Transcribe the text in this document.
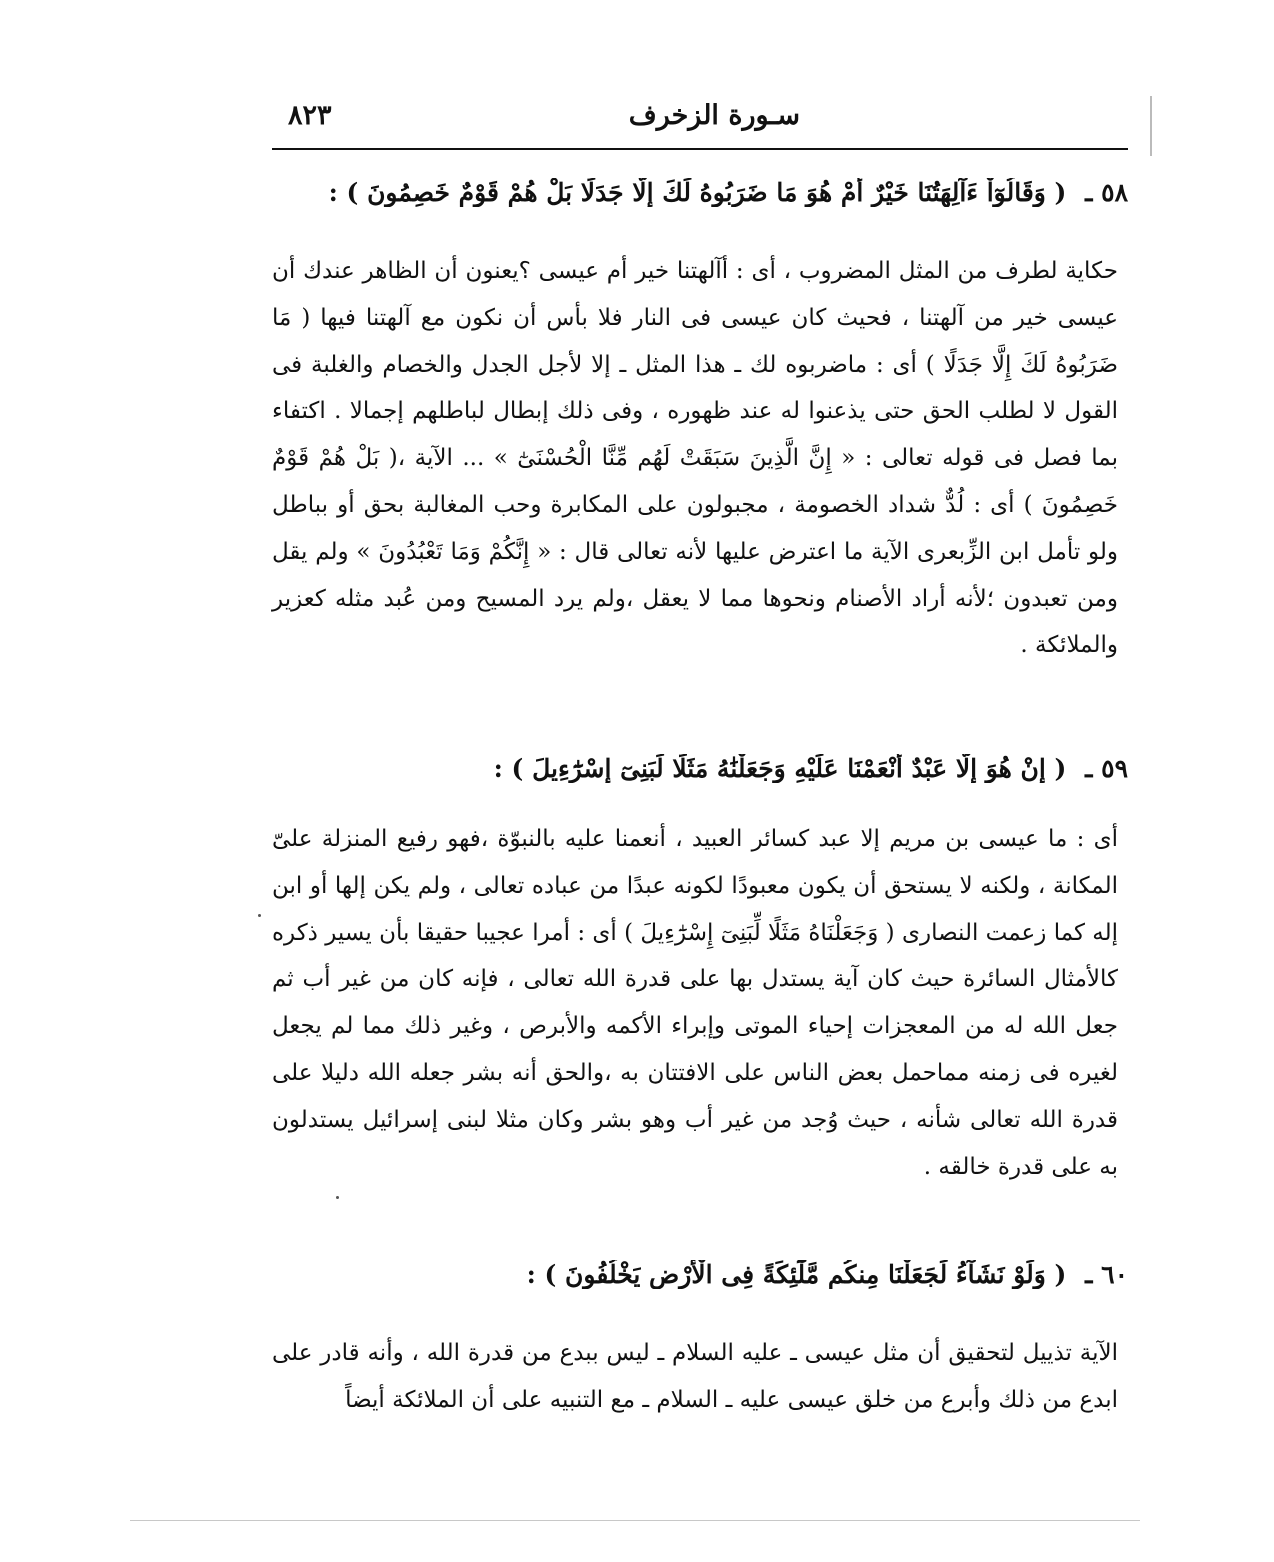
سـورة الزخرف
٨٢٣
٥٨ ـ ( وَقَالُوٓاْ ءَآلِهَتُنَا خَيْرٌ أَمْ هُوَ مَا ضَرَبُوهُ لَكَ إِلَّا جَدَلًا بَلْ هُمْ قَوْمٌ خَصِمُونَ ) :
حكاية لطرف من المثل المضروب ، أى : أآلهتنا خير أم عيسى ؟يعنون أن الظاهر عندك أن عيسى خير من آلهتنا ، فحيث كان عيسى فى النار فلا بأس أن نكون مع آلهتنا فيها ( مَا ضَرَبُوهُ لَكَ إِلَّا جَدَلًا ) أى : ماضربوه لك ـ هذا المثل ـ إلا لأجل الجدل والخصام والغلبة فى القول لا لطلب الحق حتى يذعنوا له عند ظهوره ، وفى ذلك إبطال لباطلهم إجمالا . اكتفاء بما فصل فى قوله تعالى : « إِنَّ الَّذِينَ سَبَقَتْ لَهُم مِّنَّا الْحُسْنَىٰٓ » ... الآية ،( بَلْ هُمْ قَوْمٌ خَصِمُونَ ) أى : لُدٌّ شداد الخصومة ، مجبولون على المكابرة وحب المغالبة بحق أو بباطل ولو تأمل ابن الزِّبعرى الآية ما اعترض عليها لأنه تعالى قال : « إِنَّكُمْ وَمَا تَعْبُدُونَ » ولم يقل ومن تعبدون ؛لأنه أراد الأصنام ونحوها مما لا يعقل ،ولم يرد المسيح ومن عُبد مثله كعزير والملائكة .
٥٩ ـ ( إِنْ هُوَ إِلَّا عَبْدٌ أَنْعَمْنَا عَلَيْهِ وَجَعَلْنَٰهُ مَثَلًا لِّبَنِىٓ إِسْرَٰٓءِيلَ ) :
أى : ما عيسى بن مريم إلا عبد كسائر العبيد ، أنعمنا عليه بالنبوّة ،فهو رفيع المنزلة علىّ المكانة ، ولكنه لا يستحق أن يكون معبودًا لكونه عبدًا من عباده تعالى ، ولم يكن إلها أو ابن إله كما زعمت النصارى ( وَجَعَلْنَاهُ مَثَلًا لِّبَنِىٓ إِسْرَٰٓءِيلَ ) أى : أمرا عجيبا حقيقا بأن يسير ذكره كالأمثال السائرة حيث كان آية يستدل بها على قدرة الله تعالى ، فإنه كان من غير أب ثم جعل الله له من المعجزات إحياء الموتى وإبراء الأكمه والأبرص ، وغير ذلك مما لم يجعل لغيره فى زمنه مماحمل بعض الناس على الافتتان به ،والحق أنه بشر جعله الله دليلا على قدرة الله تعالى شأنه ، حيث وُجد من غير أب وهو بشر وكان مثلا لبنى إسرائيل يستدلون به على قدرة خالقه .
٦٠ ـ ( وَلَوْ نَشَآءُ لَجَعَلْنَا مِنكُم مَّلَٰٓئِكَةً فِى الْأَرْضِ يَخْلُفُونَ ) :
الآية تذييل لتحقيق أن مثل عيسى ـ عليه السلام ـ ليس ببدع من قدرة الله ، وأنه قادر على ابدع من ذلك وأبرع من خلق عيسى عليه ـ السلام ـ مع التنبيه على أن الملائكة أيضاً
